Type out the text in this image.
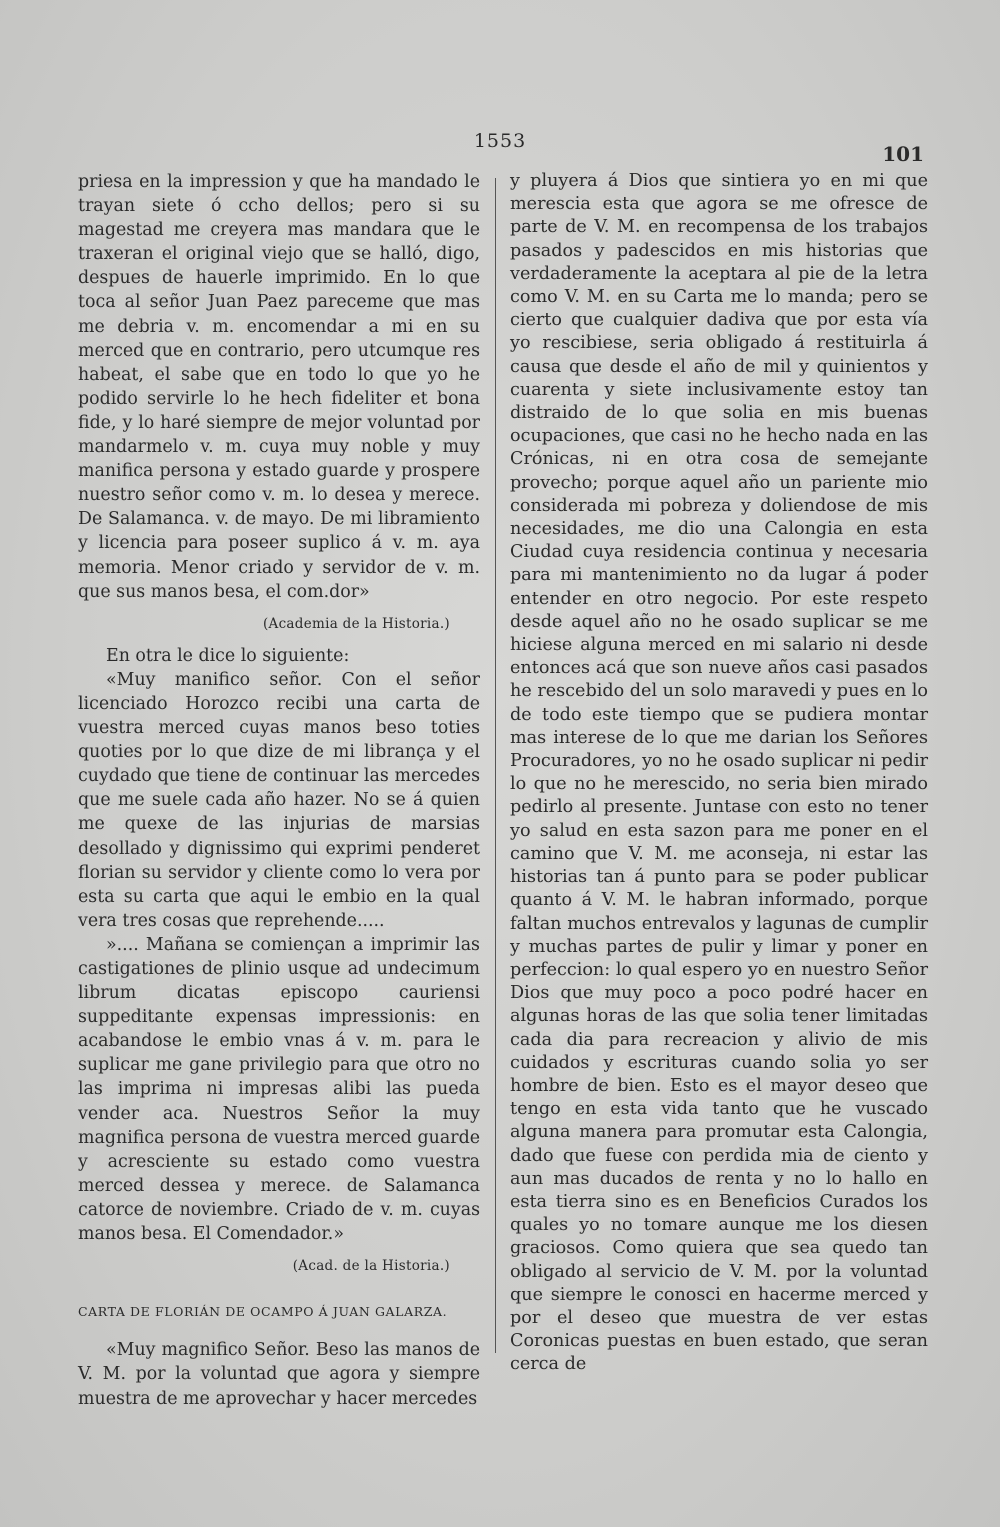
1553
101

priesa en la impression y que ha mandado le trayan siete ó ccho dellos; pero si su magestad me creyera mas mandara que le traxeran el original viejo que se halló, digo, despues de hauerle imprimido. En lo que toca al señor Juan Paez pareceme que mas me debria v. m. encomendar a mi en su merced que en contrario, pero utcumque res habeat, el sabe que en todo lo que yo he podido servirle lo he hech fideliter et bona fide, y lo haré siempre de mejor voluntad por mandarmelo v. m. cuya muy noble y muy manifica persona y estado guarde y prospere nuestro señor como v. m. lo desea y merece. De Salamanca. v. de mayo. De mi libramiento y licencia para poseer suplico á v. m. aya memoria. Menor criado y servidor de v. m. que sus manos besa, el com.dor»

(Academia de la Historia.)

En otra le dice lo siguiente:

«Muy manifico señor. Con el señor licenciado Horozco recibi una carta de vuestra merced cuyas manos beso toties quoties por lo que dize de mi librança y el cuydado que tiene de continuar las mercedes que me suele cada año hazer. No se á quien me quexe de las injurias de marsias desollado y dignissimo qui exprimi penderet florian su servidor y cliente como lo vera por esta su carta que aqui le embio en la qual vera tres cosas que reprehende.....

».... Mañana se comiençan a imprimir las castigationes de plinio usque ad undecimum librum dicatas episcopo cauriensi suppeditante expensas impressionis: en acabandose le embio vnas á v. m. para le suplicar me gane privilegio para que otro no las imprima ni impresas alibi las pueda vender aca. Nuestros Señor la muy magnifica persona de vuestra merced guarde y acresciente su estado como vuestra merced dessea y merece. de Salamanca catorce de noviembre. Criado de v. m. cuyas manos besa. El Comendador.»

(Acad. de la Historia.)

CARTA DE FLORIÁN DE OCAMPO Á JUAN GALARZA.

«Muy magnifico Señor. Beso las manos de V. M. por la voluntad que agora y siempre muestra de me aprovechar y hacer mercedes

y pluyera á Dios que sintiera yo en mi que meresciа esta que agora se me ofresce de parte de V. M. en recompensa de los trabajos pasados y padescidos en mis historias que verdaderamente la aceptara al pie de la letra como V. M. en su Carta me lo manda; pero se cierto que cualquier dadiva que por esta vía yo rescibiese, seria obligado á restituirla á causa que desde el año de mil y quinientos y cuarenta y siete inclusivamente estoy tan distraido de lo que solia en mis buenas ocupaciones, que casi no he hecho nada en las Crónicas, ni en otra cosa de semejante provecho; porque aquel año un pariente mio considerada mi pobreza y doliendose de mis necesidades, me dio una Calongia en esta Ciudad cuya residencia continua y necesaria para mi mantenimiento no da lugar á poder entender en otro negocio. Por este respeto desde aquel año no he osado suplicar se me hiciese alguna merced en mi salario ni desde entonces acá que son nueve años casi pasados he rescebido del un solo maravedi y pues en lo de todo este tiempo que se pudiera montar mas interese de lo que me darian los Señores Procuradores, yo no he osado suplicar ni pedir lo que no he merescido, no seria bien mirado pedirlo al presente. Juntase con esto no tener yo salud en esta sazon para me poner en el camino que V. M. me aconseja, ni estar las historias tan á punto para se poder publicar quanto á V. M. le habran informado, porque faltan muchos entrevalos y lagunas de cumplir y muchas partes de pulir y limar y poner en perfeccion: lo qual espero yo en nuestro Señor Dios que muy poco a poco podré hacer en algunas horas de las que solia tener limitadas cada dia para recreacion y alivio de mis cuidados y escrituras cuando solia yo ser hombre de bien. Esto es el mayor deseo que tengo en esta vida tanto que he vuscado alguna manera para promutar esta Calongia, dado que fuese con perdida mia de ciento y aun mas ducados de renta y no lo hallo en esta tierra sino es en Beneficios Curados los quales yo no tomare aunque me los diesen graciosos. Como quiera que sea quedo tan obligado al servicio de V. M. por la voluntad que siempre le conosci en hacerme merced y por el deseo que muestra de ver estas Coronicas puestas en buen estado, que seran cerca de
